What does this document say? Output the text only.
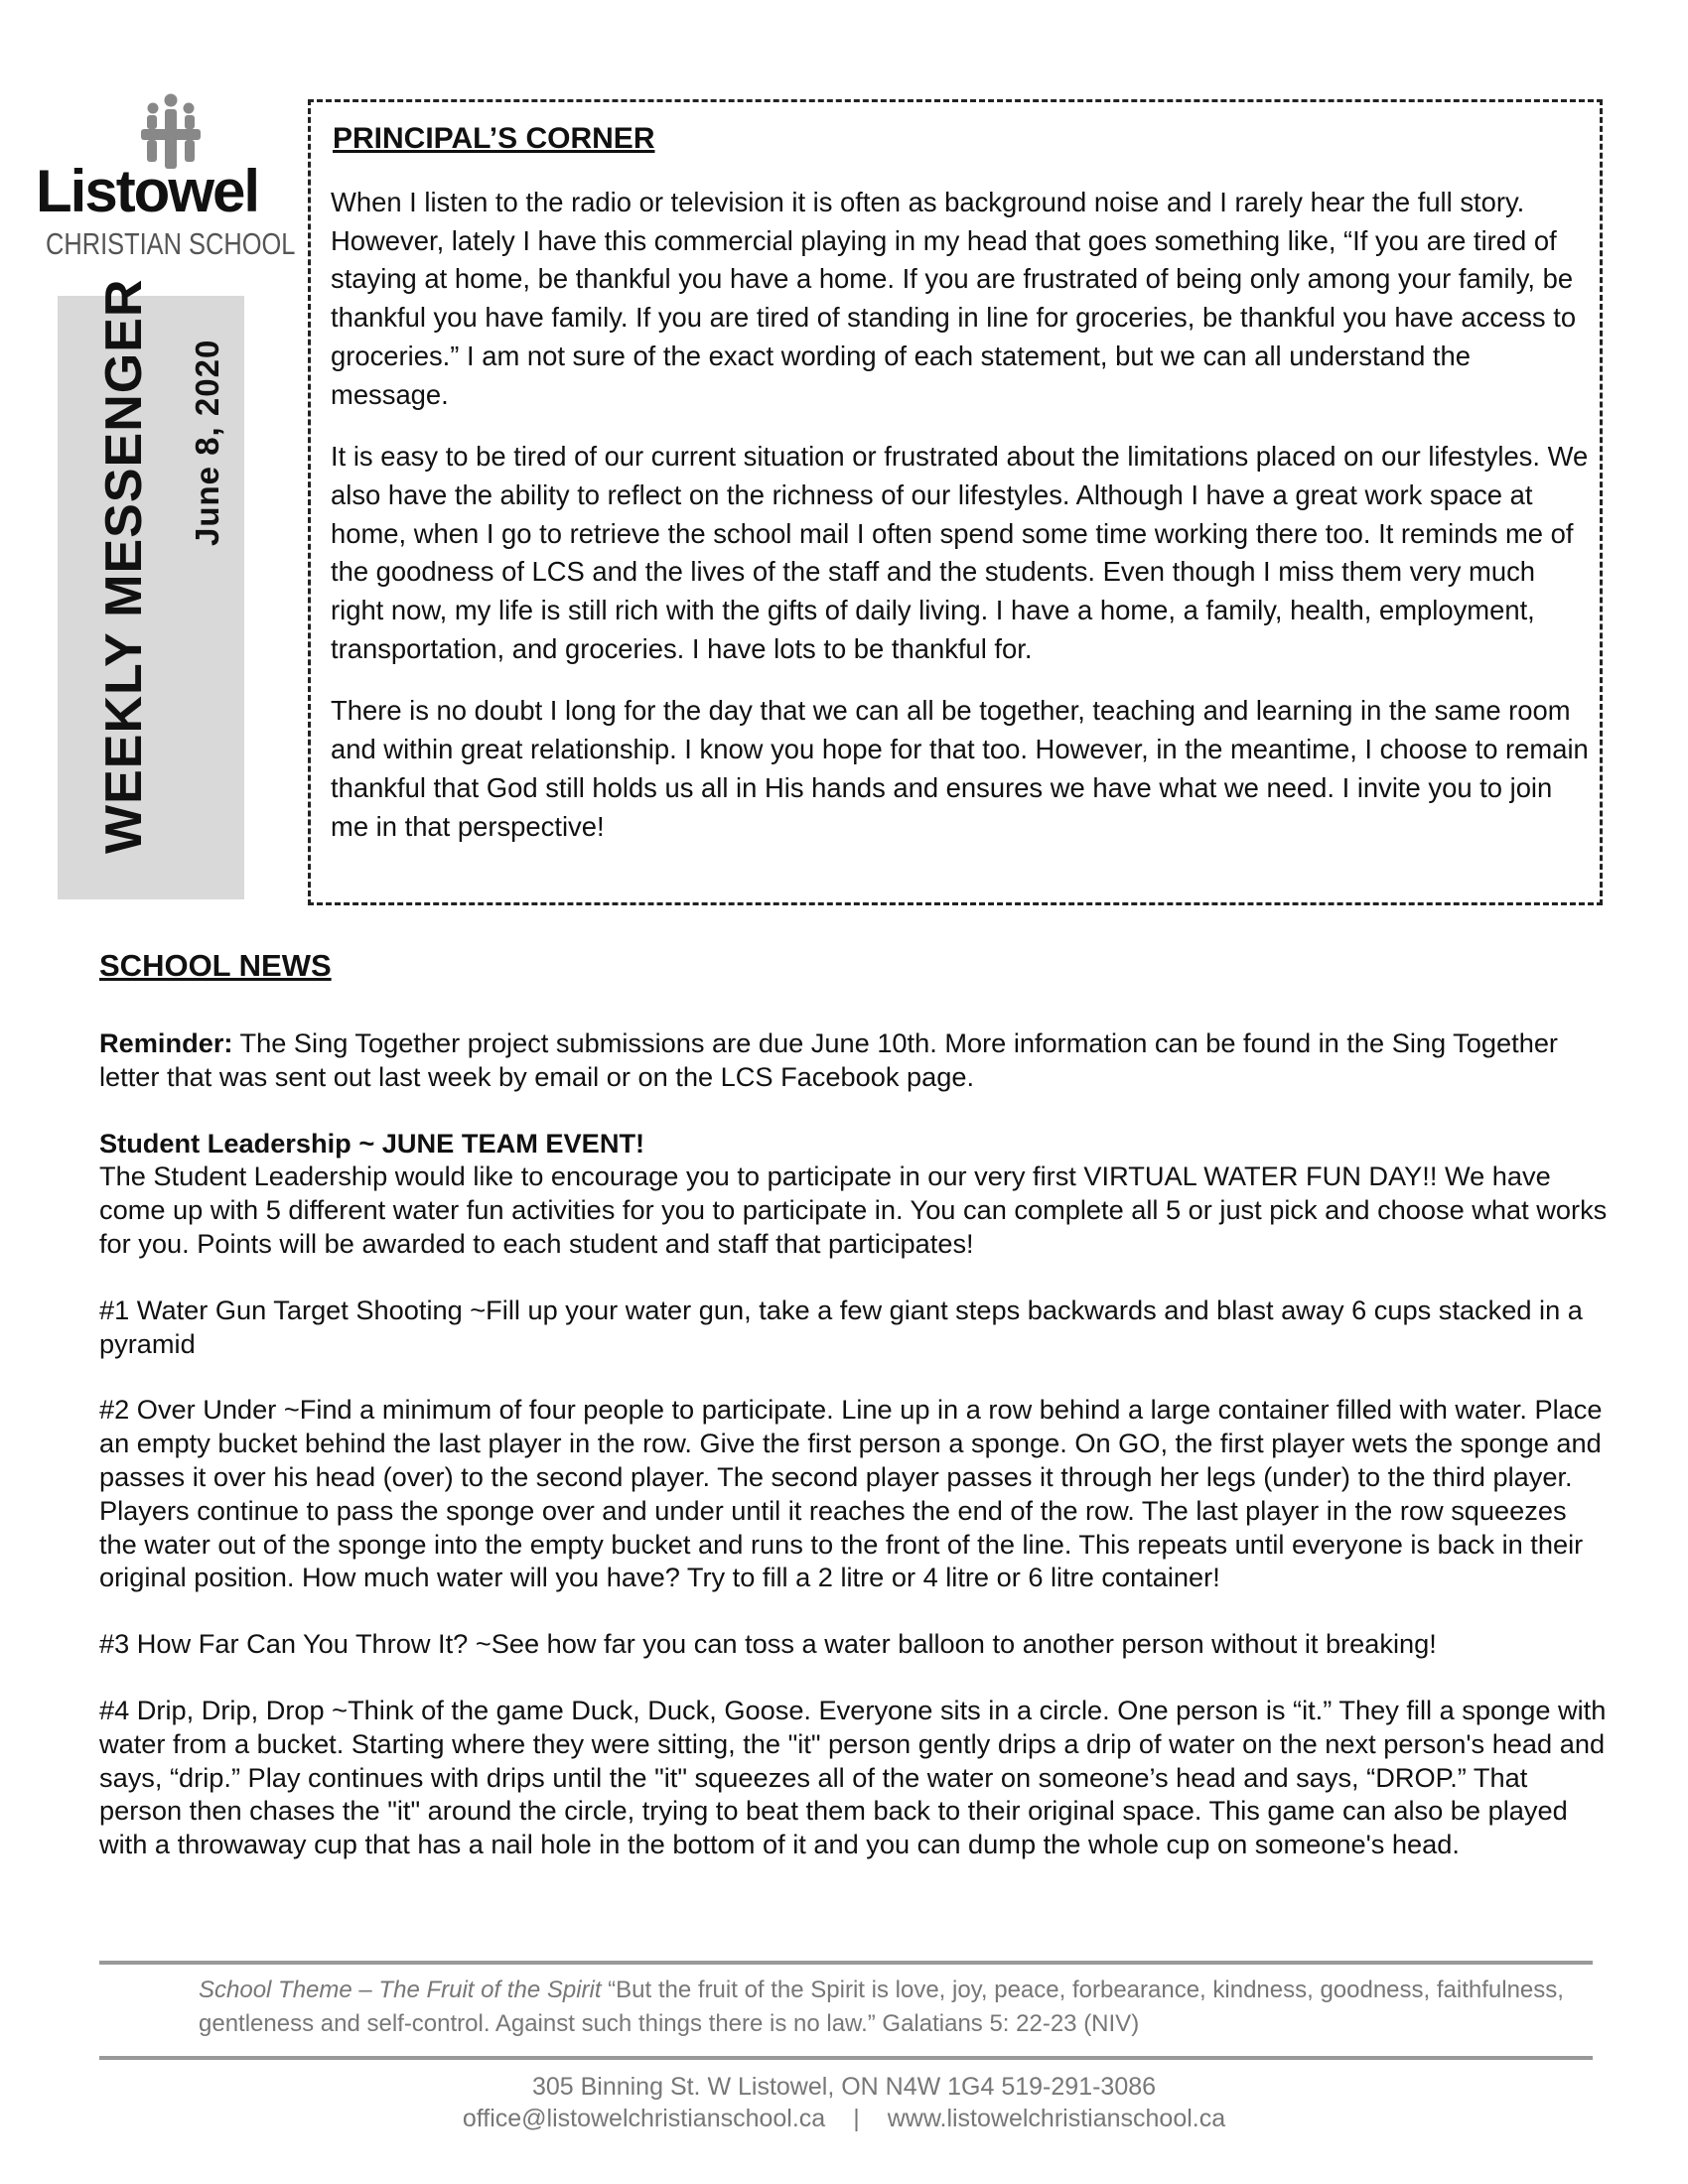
Listowel
CHRISTIAN SCHOOL
WEEKLY MESSENGER June 8, 2020
PRINCIPAL’S CORNER

When I listen to the radio or television it is often as background noise and I rarely hear the full story. However, lately I have this commercial playing in my head that goes something like, “If you are tired of staying at home, be thankful you have a home. If you are frustrated of being only among your family, be thankful you have family. If you are tired of standing in line for groceries, be thankful you have access to groceries.” I am not sure of the exact wording of each statement, but we can all understand the message.

It is easy to be tired of our current situation or frustrated about the limitations placed on our lifestyles. We also have the ability to reflect on the richness of our lifestyles. Although I have a great work space at home, when I go to retrieve the school mail I often spend some time working there too. It reminds me of the goodness of LCS and the lives of the staff and the students. Even though I miss them very much right now, my life is still rich with the gifts of daily living. I have a home, a family, health, employment, transportation, and groceries. I have lots to be thankful for.

There is no doubt I long for the day that we can all be together, teaching and learning in the same room and within great relationship. I know you hope for that too. However, in the meantime, I choose to remain thankful that God still holds us all in His hands and ensures we have what we need. I invite you to join me in that perspective!

SCHOOL NEWS

Reminder: The Sing Together project submissions are due June 10th. More information can be found in the Sing Together letter that was sent out last week by email or on the LCS Facebook page.

Student Leadership ~ JUNE TEAM EVENT!

The Student Leadership would like to encourage you to participate in our very first VIRTUAL WATER FUN DAY!! We have come up with 5 different water fun activities for you to participate in. You can complete all 5 or just pick and choose what works for you. Points will be awarded to each student and staff that participates!

#1 Water Gun Target Shooting ~Fill up your water gun, take a few giant steps backwards and blast away 6 cups stacked in a pyramid

#2 Over Under ~Find a minimum of four people to participate. Line up in a row behind a large container filled with water. Place an empty bucket behind the last player in the row. Give the first person a sponge. On GO, the first player wets the sponge and passes it over his head (over) to the second player. The second player passes it through her legs (under) to the third player. Players continue to pass the sponge over and under until it reaches the end of the row. The last player in the row squeezes the water out of the sponge into the empty bucket and runs to the front of the line. This repeats until everyone is back in their original position. How much water will you have? Try to fill a 2 litre or 4 litre or 6 litre container!

#3 How Far Can You Throw It? ~See how far you can toss a water balloon to another person without it breaking!

#4 Drip, Drip, Drop ~Think of the game Duck, Duck, Goose. Everyone sits in a circle. One person is “it.” They fill a sponge with water from a bucket. Starting where they were sitting, the "it" person gently drips a drip of water on the next person's head and says, “drip.” Play continues with drips until the "it" squeezes all of the water on someone’s head and says, “DROP.” That person then chases the "it" around the circle, trying to beat them back to their original space. This game can also be played with a throwaway cup that has a nail hole in the bottom of it and you can dump the whole cup on someone's head.

School Theme – The Fruit of the Spirit “But the fruit of the Spirit is love, joy, peace, forbearance, kindness, goodness, faithfulness, gentleness and self-control. Against such things there is no law.” Galatians 5: 22-23 (NIV)
305 Binning St. W Listowel, ON N4W 1G4 519-291-3086
office@listowelchristianschool.ca | www.listowelchristianschool.ca
